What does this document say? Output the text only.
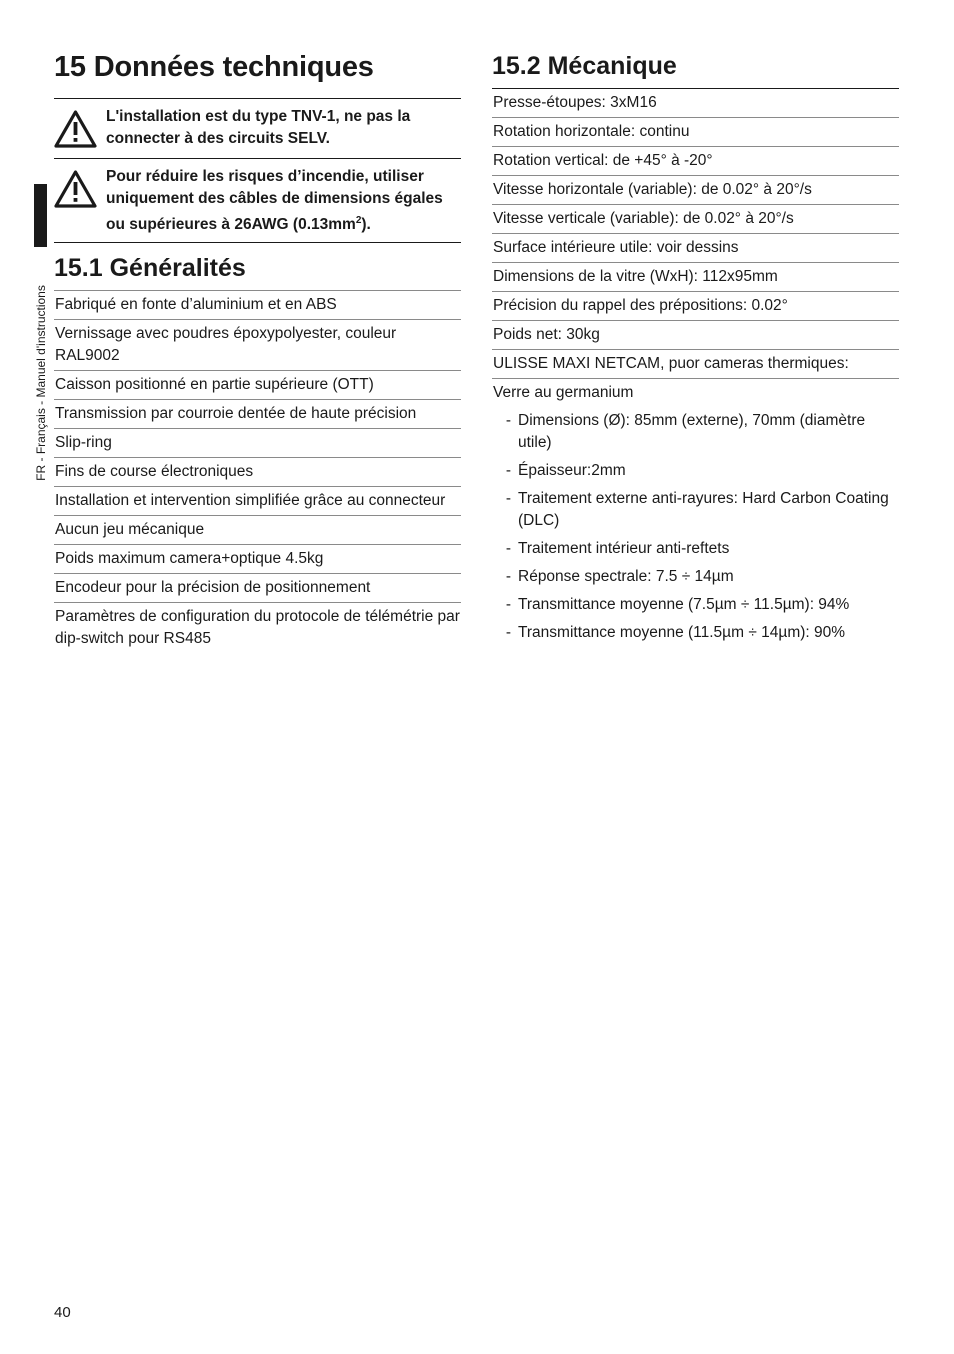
FR - Français - Manuel d'instructions
15 Données techniques
L'installation est du type TNV-1, ne pas la connecter à des circuits SELV.
Pour réduire les risques d’incendie, utiliser uniquement des câbles de dimensions égales ou supérieures à 26AWG $(0.13mm^2)$.
15.1 Généralités
Fabriqué en fonte d’aluminium et en ABS
Vernissage avec poudres époxypolyester, couleur RAL9002
Caisson positionné en partie supérieure (OTT)
Transmission par courroie dentée de haute précision
Slip-ring
Fins de course électroniques
Installation et intervention simplifiée grâce au connecteur
Aucun jeu mécanique
Poids maximum camera+optique 4.5kg
Encodeur pour la précision de positionnement
Paramètres de configuration du protocole de télémétrie par dip-switch pour RS485
15.2 Mécanique
Presse-étoupes: 3xM16
Rotation horizontale: continu
Rotation vertical: de +45° à -20°
Vitesse horizontale (variable): de 0.02° à 20°/s
Vitesse verticale (variable): de 0.02° à 20°/s
Surface intérieure utile: voir dessins
Dimensions de la vitre (WxH): 112x95mm
Précision du rappel des prépositions: 0.02°
Poids net: 30kg
ULISSE MAXI NETCAM, puor cameras thermiques:
Verre au germanium
- Dimensions (Ø): 85mm (externe), 70mm (diamètre utile)
- Épaisseur:2mm
- Traitement externe anti-rayures: Hard Carbon Coating (DLC)
- Traitement intérieur anti-reftets
- Réponse spectrale: 7.5 ÷ 14µm
- Transmittance moyenne (7.5µm ÷ 11.5µm): 94%
- Transmittance moyenne (11.5µm ÷ 14µm): 90%
40
